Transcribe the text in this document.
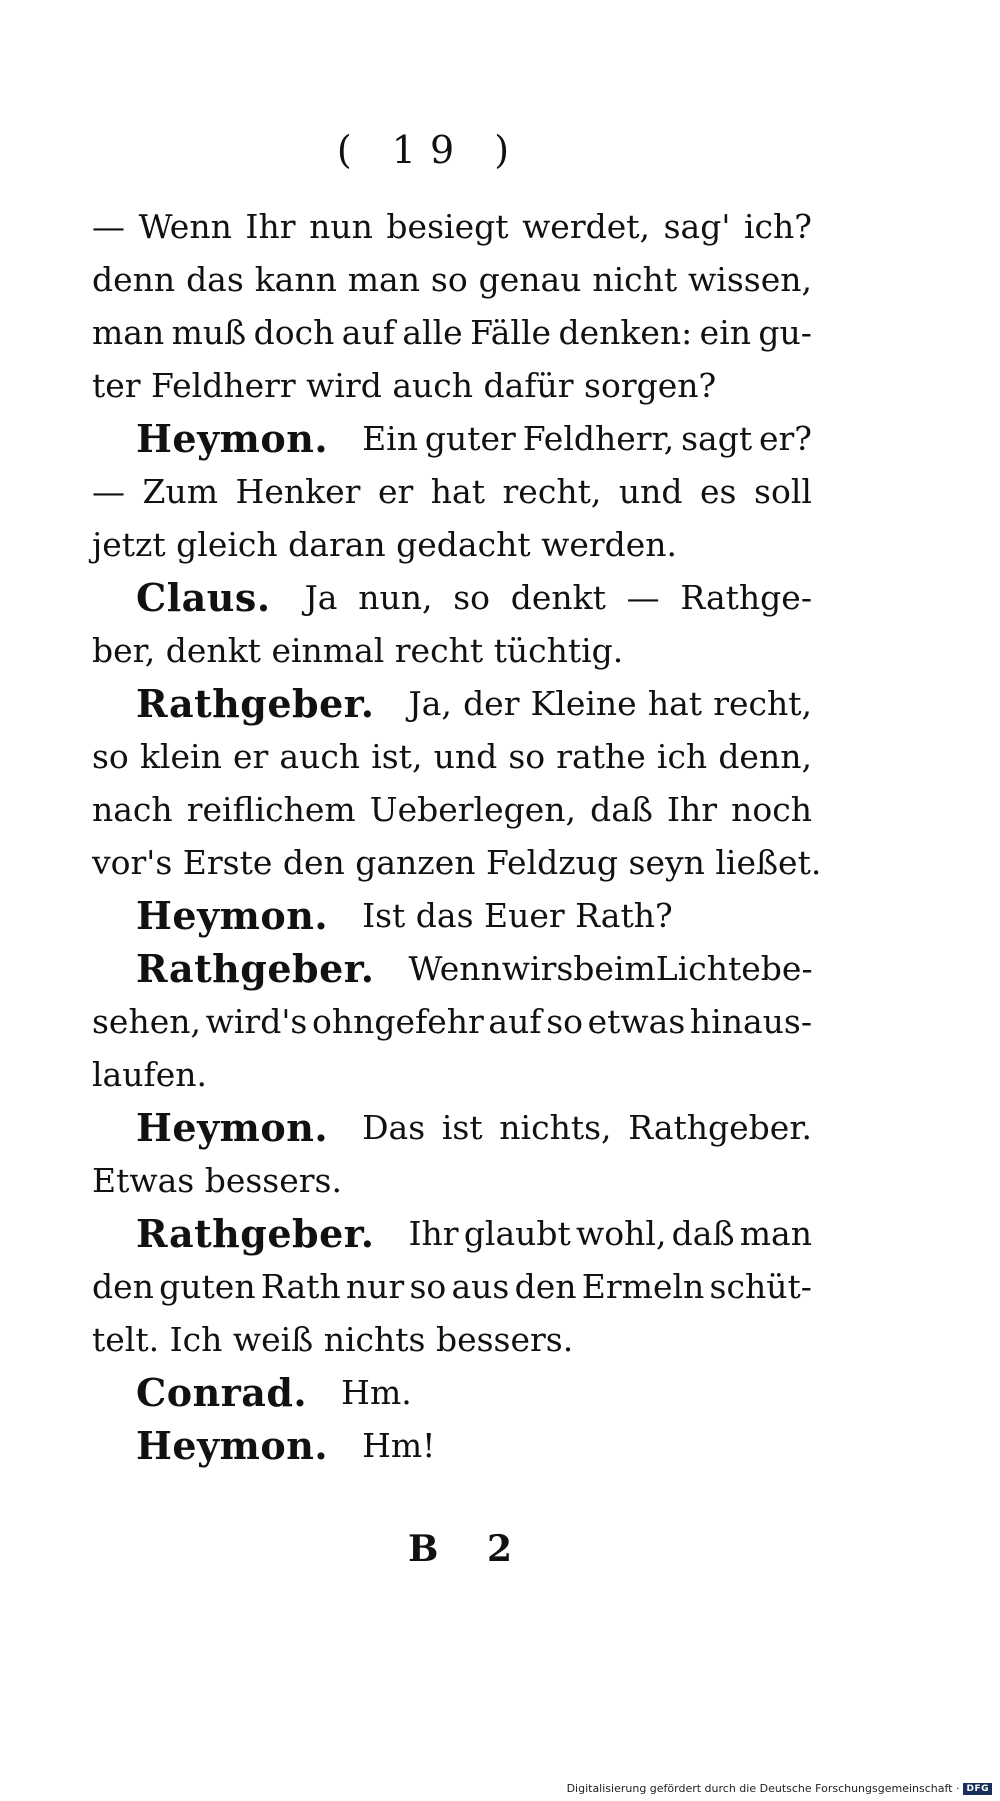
( 19 )
— Wenn Ihr nun besiegt werdet, sag' ich?
denn das kann man so genau nicht wissen,
man muß doch auf alle Fälle denken: ein gu-
ter Feldherr wird auch dafür sorgen?
Heymon. Ein guter Feldherr, sagt er?
— Zum Henker er hat recht, und es soll
jetzt gleich daran gedacht werden.
Claus. Ja nun, so denkt — Rathge-
ber, denkt einmal recht tüchtig.
Rathgeber. Ja, der Kleine hat recht,
so klein er auch ist, und so rathe ich denn,
nach reiflichem Ueberlegen, daß Ihr noch
vor's Erste den ganzen Feldzug seyn ließet.
Heymon. Ist das Euer Rath?
Rathgeber. Wenn wirs beim Lichte be-
sehen, wird's ohngefehr auf so etwas hinaus-
laufen.
Heymon. Das ist nichts, Rathgeber.
Etwas bessers.
Rathgeber. Ihr glaubt wohl, daß man
den guten Rath nur so aus den Ermeln schüt-
telt. Ich weiß nichts bessers.
Conrad. Hm.
Heymon. Hm!
B 2
Digitalisierung gefördert durch die Deutsche Forschungsgemeinschaft · DFG
